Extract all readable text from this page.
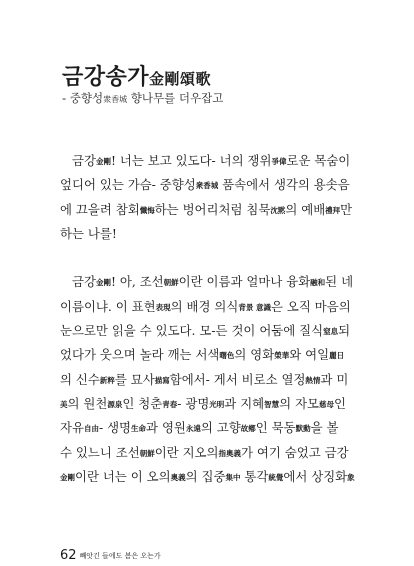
금강송가金剛頌歌
- 중향성衆香城 향나무를 더우잡고
금강金剛! 너는 보고 있도다- 너의 쟁위爭偉로운 목숨이
엎디어 있는 가슴- 중향성衆香城 품속에서 생각의 용솟음
에 끄을려 참회懺悔하는 벙어리처럼 침묵沈黙의 예배禮拜만
하는 나를!
금강金剛! 아, 조선朝鮮이란 이름과 얼마나 융화融和된 네
이름이냐. 이 표현表現의 배경 의식背景 意識은 오직 마음의
눈으로만 읽을 수 있도다. 모-든 것이 어둠에 질식窒息되
었다가 웃으며 놀라 깨는 서색曙色의 영화榮華와 여일麗日
의 신수新粹를 묘사描寫함에서- 게서 비로소 열정熱情과 미
美의 원천源泉인 청춘靑春- 광명光明과 지혜智慧의 자모慈母인
자유自由- 생명生命과 영원永遠의 고향故鄕인 묵동默動을 볼
수 있느니 조선朝鮮이란 지오의指奧義가 여기 숨었고 금강
金剛이란 너는 이 오의奧義의 집중集中 통각統覺에서 상징화象
62 빼앗긴 들에도 봄은 오는가
